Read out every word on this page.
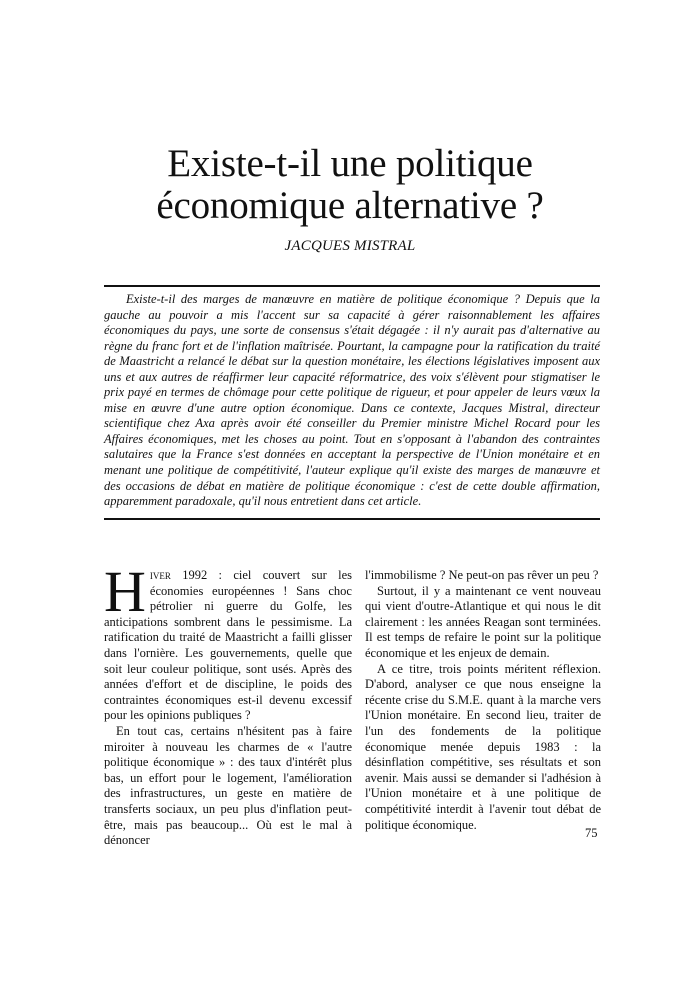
Existe-t-il une politique
économique alternative ?
JACQUES MISTRAL

Existe-t-il des marges de manœuvre en matière de politique économique ? Depuis que la gauche au pouvoir a mis l'accent sur sa capacité à gérer raisonnablement les affaires économiques du pays, une sorte de consensus s'était dégagée : il n'y aurait pas d'alternative au règne du franc fort et de l'inflation maîtrisée. Pourtant, la campagne pour la ratification du traité de Maastricht a relancé le débat sur la question monétaire, les élections législatives imposent aux uns et aux autres de réaffirmer leur capacité réformatrice, des voix s'élèvent pour stigmatiser le prix payé en termes de chômage pour cette politique de rigueur, et pour appeler de leurs vœux la mise en œuvre d'une autre option économique. Dans ce contexte, Jacques Mistral, directeur scientifique chez Axa après avoir été conseiller du Premier ministre Michel Rocard pour les Affaires économiques, met les choses au point. Tout en s'opposant à l'abandon des contraintes salutaires que la France s'est données en acceptant la perspective de l'Union monétaire et en menant une politique de compétitivité, l'auteur explique qu'il existe des marges de manœuvre et des occasions de débat en matière de politique économique : c'est de cette double affirmation, apparemment paradoxale, qu'il nous entretient dans cet article.

Hiver 1992 : ciel couvert sur les économies européennes ! Sans choc pétrolier ni guerre du Golfe, les anticipations sombrent dans le pessimisme. La ratification du traité de Maastricht a failli glisser dans l'ornière. Les gouvernements, quelle que soit leur couleur politique, sont usés. Après des années d'effort et de discipline, le poids des contraintes économiques est-il devenu excessif pour les opinions publiques ?

En tout cas, certains n'hésitent pas à faire miroiter à nouveau les charmes de « l'autre politique économique » : des taux d'intérêt plus bas, un effort pour le logement, l'amélioration des infrastructures, un geste en matière de transferts sociaux, un peu plus d'inflation peut-être, mais pas beaucoup... Où est le mal à dénoncer

l'immobilisme ? Ne peut-on pas rêver un peu ?

Surtout, il y a maintenant ce vent nouveau qui vient d'outre-Atlantique et qui nous le dit clairement : les années Reagan sont terminées. Il est temps de refaire le point sur la politique économique et les enjeux de demain.

A ce titre, trois points méritent réflexion. D'abord, analyser ce que nous enseigne la récente crise du S.M.E. quant à la marche vers l'Union monétaire. En second lieu, traiter de l'un des fondements de la politique économique menée depuis 1983 : la désinflation compétitive, ses résultats et son avenir. Mais aussi se demander si l'adhésion à l'Union monétaire et à une politique de compétitivité interdit à l'avenir tout débat de politique économique.

75
